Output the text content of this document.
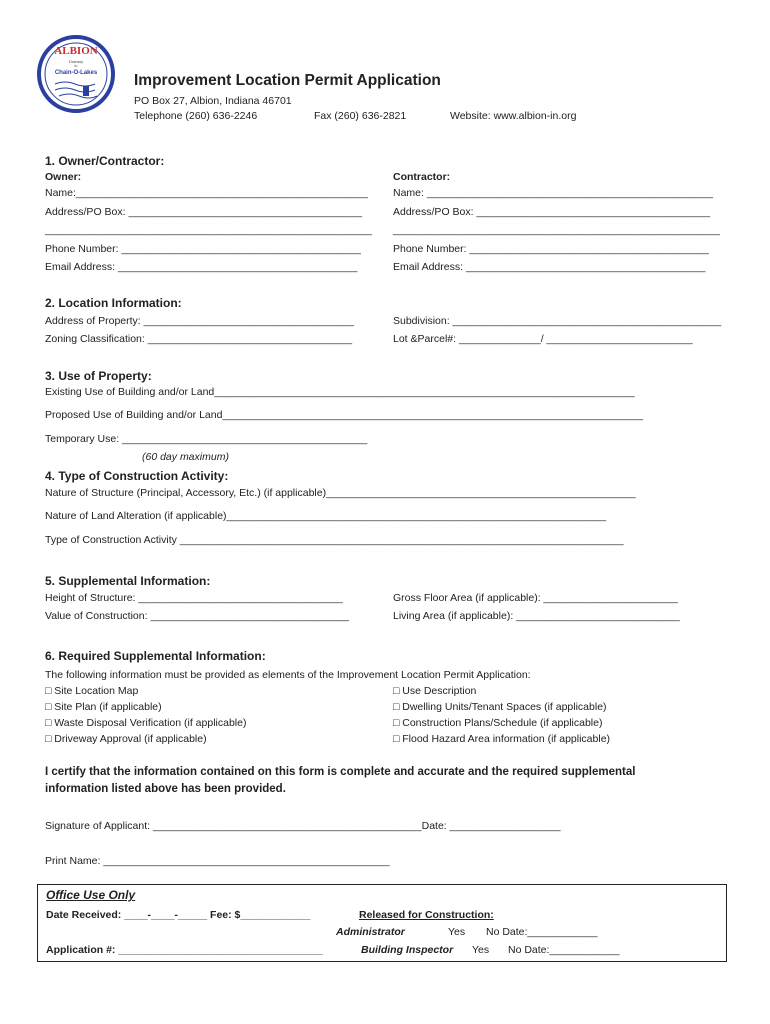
ALBION
Gateway
to
Chain-O-Lakes Improvement Location Permit Application
PO Box 27, Albion, Indiana 46701
Telephone (260) 636-2246	Fax (260) 636-2821	Website: www.albion-in.org
1. Owner/Contractor:
Owner:	Contractor:
Name:__________________________________________________ Name: _________________________________________________
Address/PO Box: ________________________________________	Address/PO Box: ________________________________________
________________________________________________________ ________________________________________________________
Phone Number: _________________________________________	Phone Number: _________________________________________
Email Address: _________________________________________	Email Address: _________________________________________
2. Location Information:
Address of Property: ____________________________________	Subdivision: ______________________________________________
Zoning Classification: ___________________________________	Lot &Parcel#: ______________/ _________________________
3. Use of Property:
Existing Use of Building and/or Land________________________________________________________________________
Proposed Use of Building and/or Land________________________________________________________________________
Temporary Use: __________________________________________
(60 day maximum)
4. Type of Construction Activity:
Nature of Structure (Principal, Accessory, Etc.) (if applicable)_____________________________________________________
Nature of Land Alteration (if applicable)_________________________________________________________________
Type of Construction Activity ____________________________________________________________________________
5. Supplemental Information:
Height of Structure: ___________________________________	Gross Floor Area (if applicable): _______________________
Value of Construction: __________________________________	Living Area (if applicable): ____________________________
6. Required Supplemental Information:
The following information must be provided as elements of the Improvement Location Permit Application:
□ Site Location Map
□ Site Plan (if applicable)
□ Waste Disposal Verification (if applicable)
□ Driveway Approval (if applicable)
□ Use Description
□ Dwelling Units/Tenant Spaces (if applicable)
□ Construction Plans/Schedule (if applicable)
□ Flood Hazard Area information (if applicable)
I certify that the information contained on this form is complete and accurate and the required supplemental
information listed above has been provided.
Signature of Applicant: ______________________________________________Date: ___________________
Print Name: _________________________________________________
Office Use Only
Date Received: ____-____-_____ Fee: $____________	Released for Construction:
Administrator	Yes No Date:____________
Application #: ___________________________________	Building Inspector Yes No Date:____________
